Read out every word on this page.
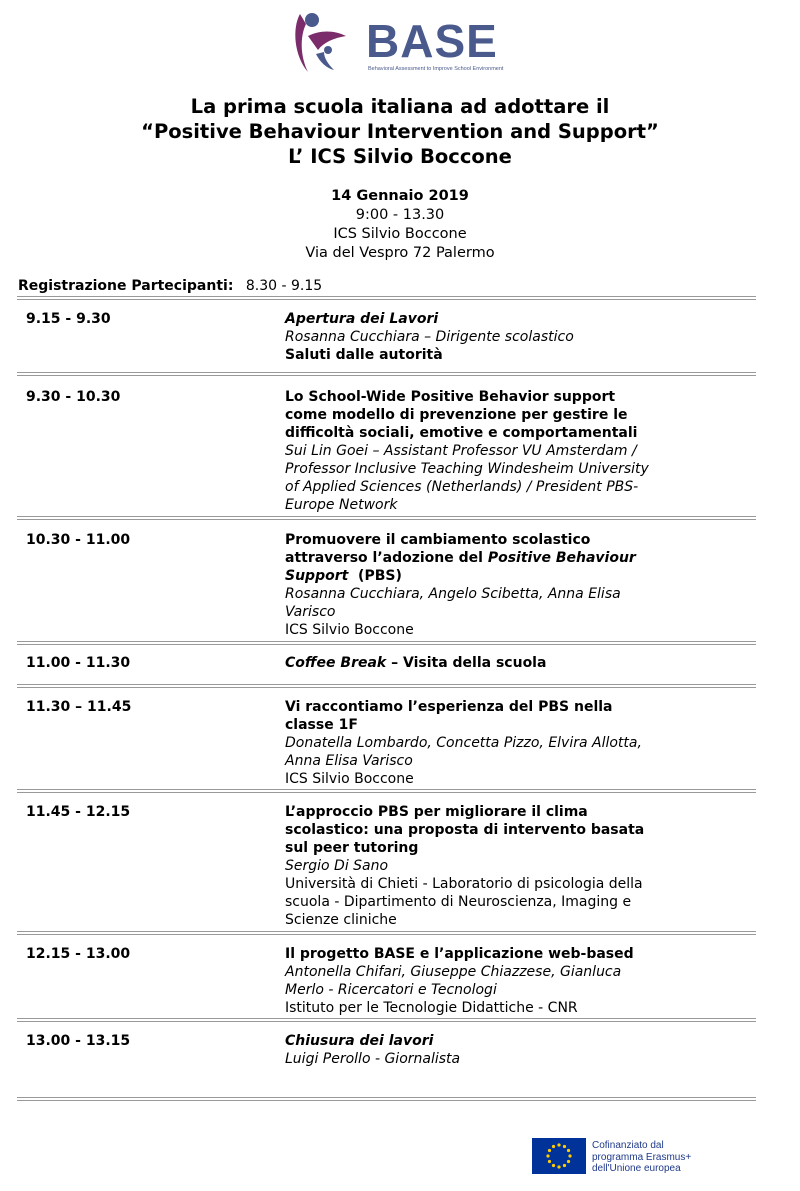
BASE
Behavioral Assessment to Improve School Environment
La prima scuola italiana ad adottare il
“Positive Behaviour Intervention and Support”
L’ ICS Silvio Boccone
14 Gennaio 2019
9:00 - 13.30
ICS Silvio Boccone
Via del Vespro 72 Palermo
Registrazione Partecipanti: 8.30 - 9.15
9.15 - 9.30	Apertura dei Lavori
Rosanna Cucchiara – Dirigente scolastico
Saluti dalle autorità
9.30 - 10.30	Lo School-Wide Positive Behavior support
come modello di prevenzione per gestire le
difficoltà sociali, emotive e comportamentali
Sui Lin Goei – Assistant Professor VU Amsterdam /
Professor Inclusive Teaching Windesheim University
of Applied Sciences (Netherlands) / President PBS-
Europe Network
10.30 - 11.00	Promuovere il cambiamento scolastico
attraverso l’adozione del Positive Behaviour
Support  (PBS)
Rosanna Cucchiara, Angelo Scibetta, Anna Elisa
Varisco
ICS Silvio Boccone
11.00 - 11.30	Coffee Break – Visita della scuola
11.30 – 11.45	Vi raccontiamo l’esperienza del PBS nella
classe 1F
Donatella Lombardo, Concetta Pizzo, Elvira Allotta,
Anna Elisa Varisco
ICS Silvio Boccone
11.45 - 12.15	L’approccio PBS per migliorare il clima
scolastico: una proposta di intervento basata
sul peer tutoring
Sergio Di Sano
Università di Chieti - Laboratorio di psicologia della
scuola - Dipartimento di Neuroscienza, Imaging e
Scienze cliniche
12.15 - 13.00	Il progetto BASE e l’applicazione web-based
Antonella Chifari, Giuseppe Chiazzese, Gianluca
Merlo - Ricercatori e Tecnologi
Istituto per le Tecnologie Didattiche - CNR
13.00 - 13.15	Chiusura dei lavori
Luigi Perollo - Giornalista
Cofinanziato dal
programma Erasmus+
dell'Unione europea
